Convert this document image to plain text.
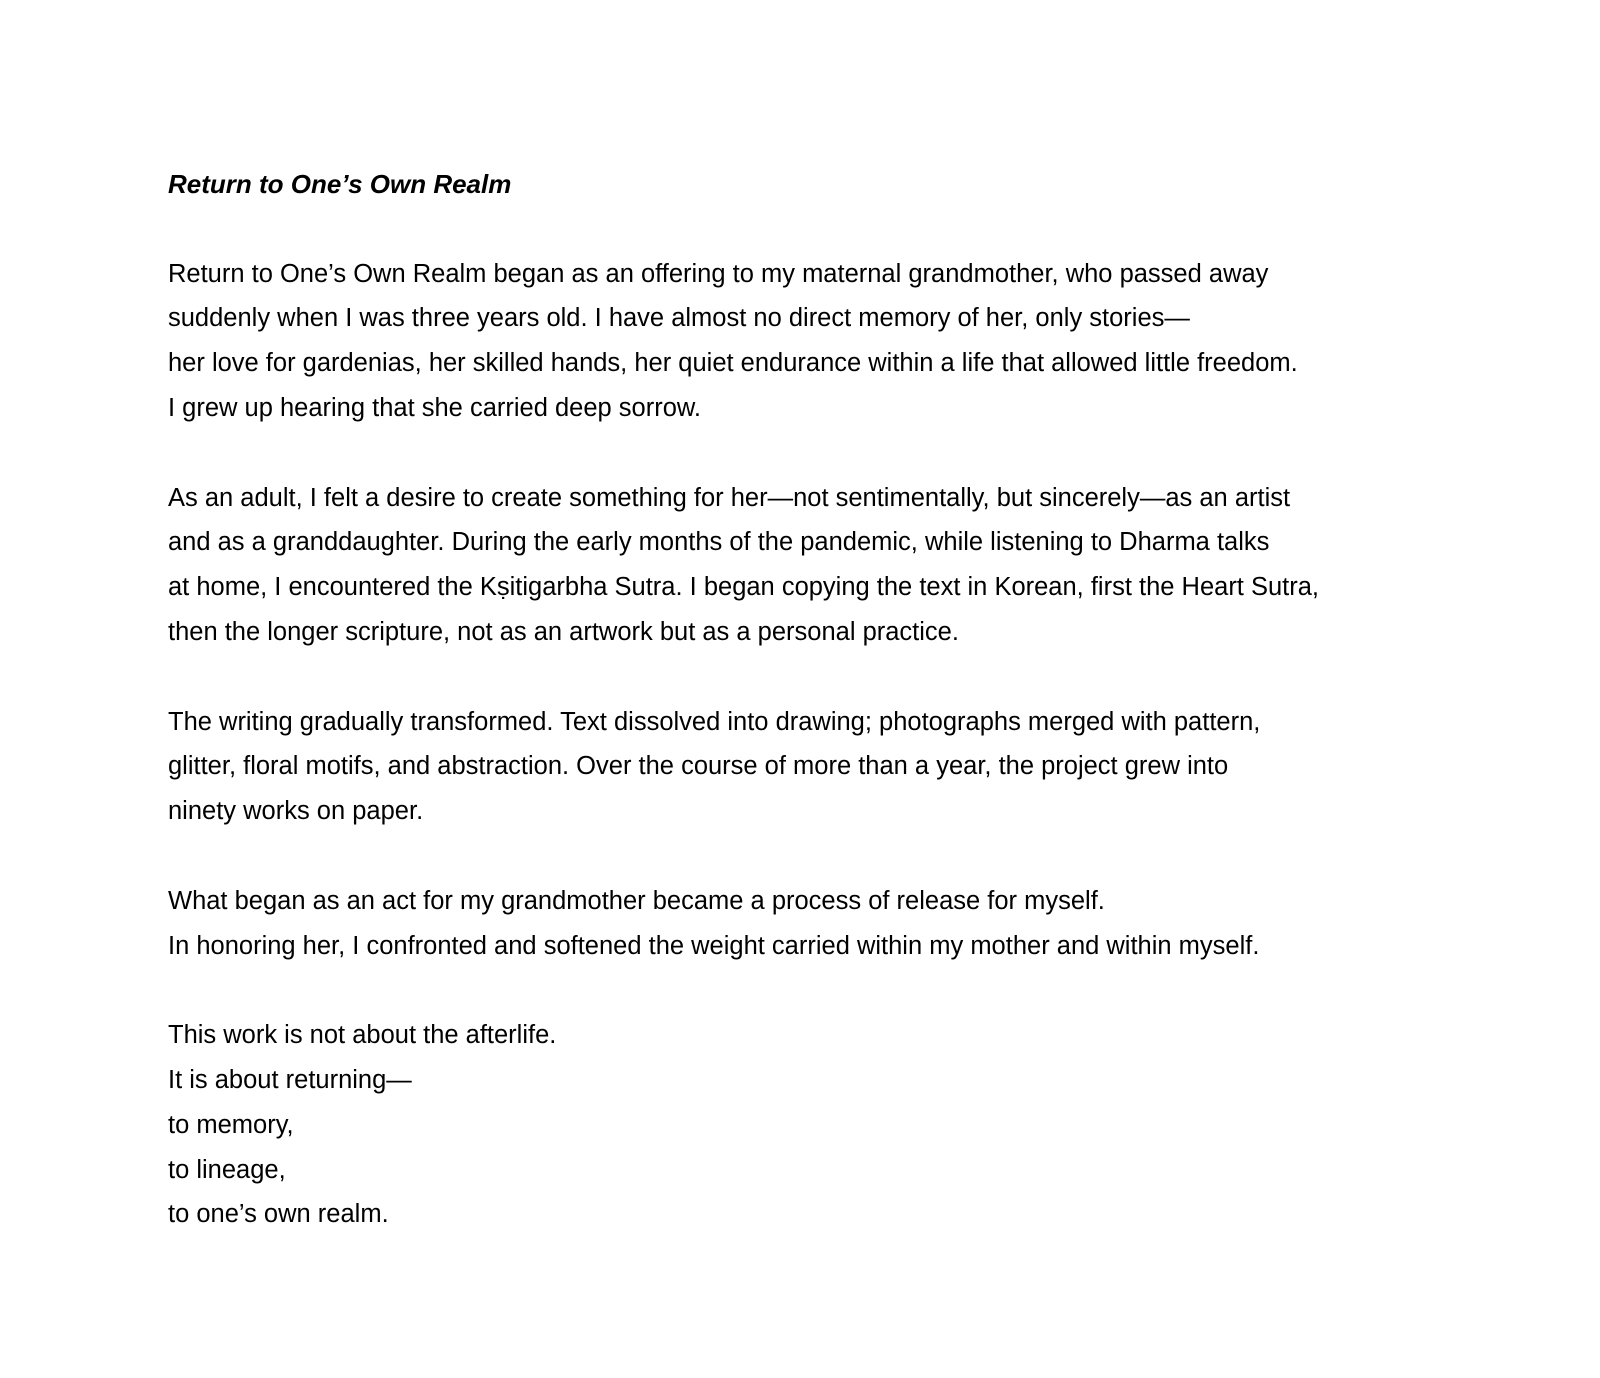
Return to One’s Own Realm

Return to One’s Own Realm began as an offering to my maternal grandmother, who passed away
suddenly when I was three years old. I have almost no direct memory of her, only stories—
her love for gardenias, her skilled hands, her quiet endurance within a life that allowed little freedom.
I grew up hearing that she carried deep sorrow.

As an adult, I felt a desire to create something for her—not sentimentally, but sincerely—as an artist
and as a granddaughter. During the early months of the pandemic, while listening to Dharma talks
at home, I encountered the Kṣitigarbha Sutra. I began copying the text in Korean, first the Heart Sutra,
then the longer scripture, not as an artwork but as a personal practice.

The writing gradually transformed. Text dissolved into drawing; photographs merged with pattern,
glitter, floral motifs, and abstraction. Over the course of more than a year, the project grew into
ninety works on paper.

What began as an act for my grandmother became a process of release for myself.
In honoring her, I confronted and softened the weight carried within my mother and within myself.

This work is not about the afterlife.
It is about returning—
to memory,
to lineage,
to one’s own realm.
